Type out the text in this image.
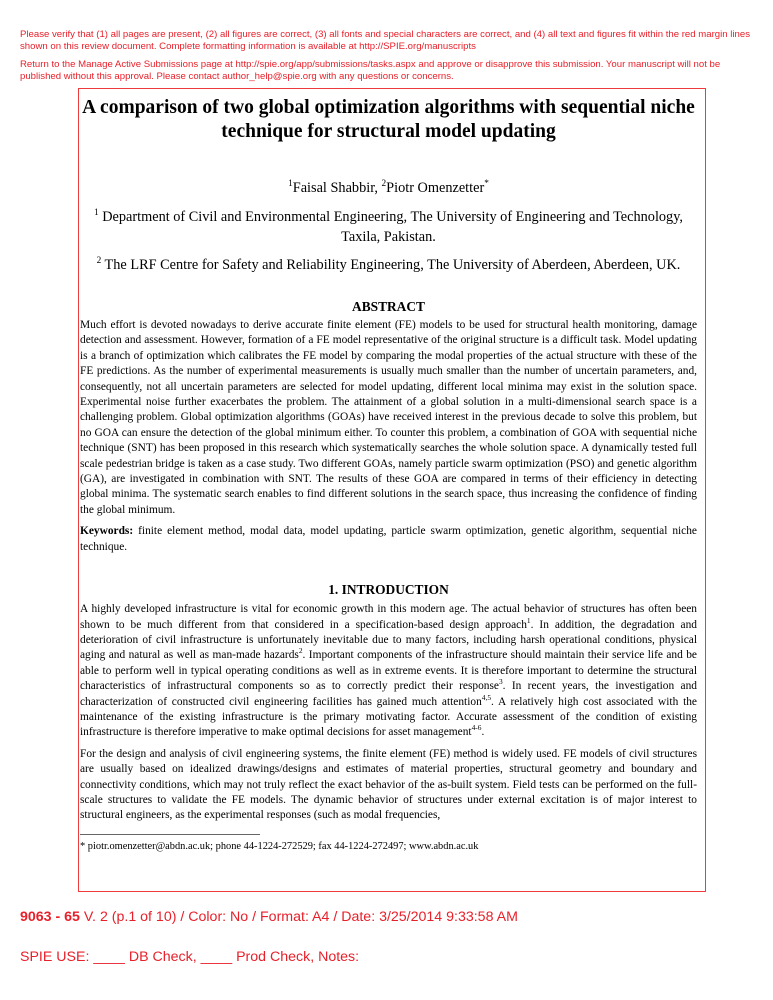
Please verify that (1) all pages are present, (2) all figures are correct, (3) all fonts and special characters are correct, and (4) all text and figures fit within the red margin lines shown on this review document. Complete formatting information is available at http://SPIE.org/manuscripts
Return to the Manage Active Submissions page at http://spie.org/app/submissions/tasks.aspx and approve or disapprove this submission. Your manuscript will not be published without this approval. Please contact author_help@spie.org with any questions or concerns.
A comparison of two global optimization algorithms with sequential niche technique for structural model updating
$^1$Faisal Shabbir, $^2$Piotr Omenzetter*
$^1$ Department of Civil and Environmental Engineering, The University of Engineering and Technology, Taxila, Pakistan.
$^2$ The LRF Centre for Safety and Reliability Engineering, The University of Aberdeen, Aberdeen, UK.
ABSTRACT

Much effort is devoted nowadays to derive accurate finite element (FE) models to be used for structural health monitoring, damage detection and assessment. However, formation of a FE model representative of the original structure is a difficult task. Model updating is a branch of optimization which calibrates the FE model by comparing the modal properties of the actual structure with these of the FE predictions. As the number of experimental measurements is usually much smaller than the number of uncertain parameters, and, consequently, not all uncertain parameters are selected for model updating, different local minima may exist in the solution space. Experimental noise further exacerbates the problem. The attainment of a global solution in a multi-dimensional search space is a challenging problem. Global optimization algorithms (GOAs) have received interest in the previous decade to solve this problem, but no GOA can ensure the detection of the global minimum either. To counter this problem, a combination of GOA with sequential niche technique (SNT) has been proposed in this research which systematically searches the whole solution space. A dynamically tested full scale pedestrian bridge is taken as a case study. Two different GOAs, namely particle swarm optimization (PSO) and genetic algorithm (GA), are investigated in combination with SNT. The results of these GOA are compared in terms of their efficiency in detecting global minima. The systematic search enables to find different solutions in the search space, thus increasing the confidence of finding the global minimum.

Keywords: finite element method, modal data, model updating, particle swarm optimization, genetic algorithm, sequential niche technique.

1. INTRODUCTION

A highly developed infrastructure is vital for economic growth in this modern age. The actual behavior of structures has often been shown to be much different from that considered in a specification-based design approach$^1$. In addition, the degradation and deterioration of civil infrastructure is unfortunately inevitable due to many factors, including harsh operational conditions, physical aging and natural as well as man-made hazards$^2$. Important components of the infrastructure should maintain their service life and be able to perform well in typical operating conditions as well as in extreme events. It is therefore important to determine the structural characteristics of infrastructural components so as to correctly predict their response$^3$. In recent years, the investigation and characterization of constructed civil engineering facilities has gained much attention$^{4,5}$. A relatively high cost associated with the maintenance of the existing infrastructure is the primary motivating factor. Accurate assessment of the condition of existing infrastructure is therefore imperative to make optimal decisions for asset management$^{4-6}$.

For the design and analysis of civil engineering systems, the finite element (FE) method is widely used. FE models of civil structures are usually based on idealized drawings/designs and estimates of material properties, structural geometry and boundary and connectivity conditions, which may not truly reflect the exact behavior of the as-built system. Field tests can be performed on the full-scale structures to validate the FE models. The dynamic behavior of structures under external excitation is of major interest to structural engineers, as the experimental responses (such as modal frequencies,

* piotr.omenzetter@abdn.ac.uk; phone 44-1224-272529; fax 44-1224-272497; www.abdn.ac.uk
9063 - 65 V. 2 (p.1 of 10) / Color: No / Format: A4 / Date: 3/25/2014 9:33:58 AM
SPIE USE: ____ DB Check, ____ Prod Check, Notes:
